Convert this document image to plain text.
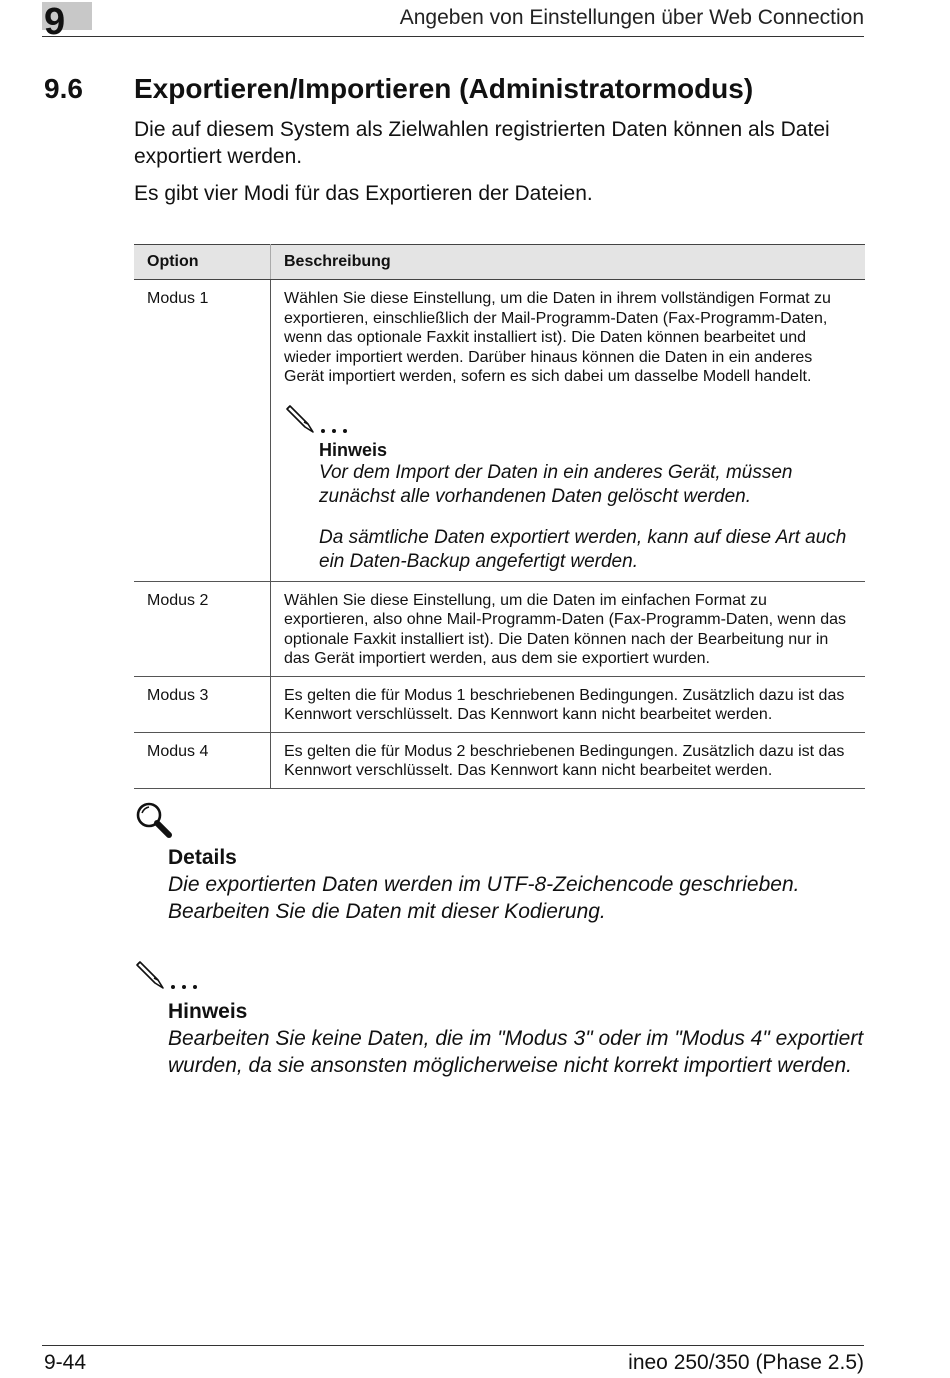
9	Angeben von Einstellungen über Web Connection
9.6 Exportieren/Importieren (Administratormodus)

Die auf diesem System als Zielwahlen registrierten Daten können als Datei exportiert werden.

Es gibt vier Modi für das Exportieren der Dateien.

Option	Beschreibung
Modus 1	Wählen Sie diese Einstellung, um die Daten in ihrem vollständigen Format zu exportieren, einschließlich der Mail-Programm-Daten (Fax-Programm-Daten, wenn das optionale Faxkit installiert ist). Die Daten können bearbeitet und wieder importiert werden. Darüber hinaus können die Daten in ein anderes Gerät importiert werden, sofern es sich dabei um dasselbe Modell handelt.
Hinweis
Vor dem Import der Daten in ein anderes Gerät, müssen zunächst alle vorhandenen Daten gelöscht werden.
Da sämtliche Daten exportiert werden, kann auf diese Art auch ein Daten-Backup angefertigt werden.

Modus 2	Wählen Sie diese Einstellung, um die Daten im einfachen Format zu exportieren, also ohne Mail-Programm-Daten (Fax-Programm-Daten, wenn das optionale Faxkit installiert ist). Die Daten können nach der Bearbeitung nur in das Gerät importiert werden, aus dem sie exportiert wurden.
Modus 3	Es gelten die für Modus 1 beschriebenen Bedingungen. Zusätzlich dazu ist das Kennwort verschlüsselt. Das Kennwort kann nicht bearbeitet werden.
Modus 4	Es gelten die für Modus 2 beschriebenen Bedingungen. Zusätzlich dazu ist das Kennwort verschlüsselt. Das Kennwort kann nicht bearbeitet werden.
Details
Die exportierten Daten werden im UTF-8-Zeichencode geschrieben. Bearbeiten Sie die Daten mit dieser Kodierung.
Hinweis
Bearbeiten Sie keine Daten, die im "Modus 3" oder im "Modus 4" exportiert wurden, da sie ansonsten möglicherweise nicht korrekt importiert werden.
9-44	ineo 250/350 (Phase 2.5)
